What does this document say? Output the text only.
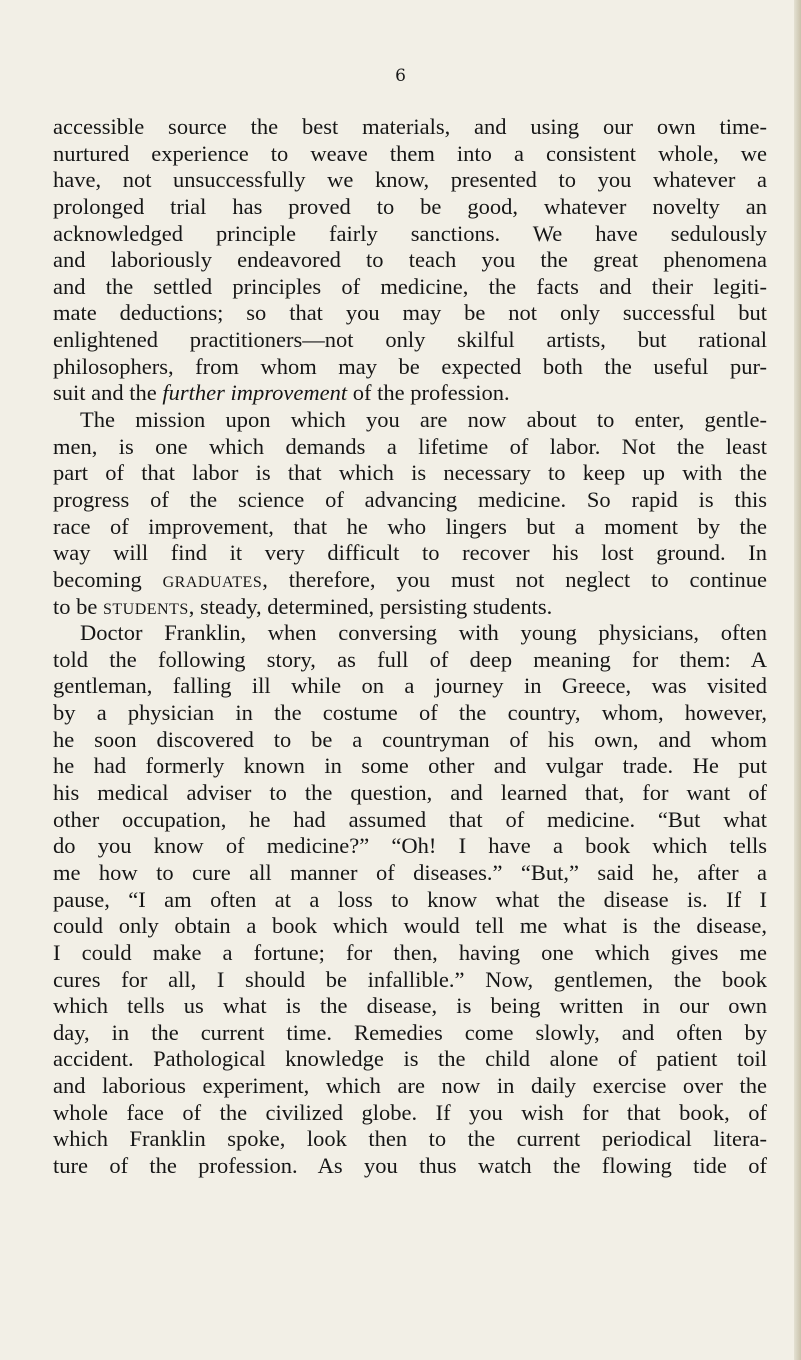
6

accessible source the best materials, and using our own time-
nurtured experience to weave them into a consistent whole, we
have, not unsuccessfully we know, presented to you whatever a
prolonged trial has proved to be good, whatever novelty an
acknowledged principle fairly sanctions. We have sedulously
and laboriously endeavored to teach you the great phenomena
and the settled principles of medicine, the facts and their legiti-
mate deductions; so that you may be not only successful but
enlightened practitioners—not only skilful artists, but rational
philosophers, from whom may be expected both the useful pur-
suit and the further improvement of the profession.

The mission upon which you are now about to enter, gentle-
men, is one which demands a lifetime of labor. Not the least
part of that labor is that which is necessary to keep up with the
progress of the science of advancing medicine. So rapid is this
race of improvement, that he who lingers but a moment by the
way will find it very difficult to recover his lost ground. In
becoming graduates, therefore, you must not neglect to continue
to be students, steady, determined, persisting students.

Doctor Franklin, when conversing with young physicians, often
told the following story, as full of deep meaning for them: A
gentleman, falling ill while on a journey in Greece, was visited
by a physician in the costume of the country, whom, however,
he soon discovered to be a countryman of his own, and whom
he had formerly known in some other and vulgar trade. He put
his medical adviser to the question, and learned that, for want of
other occupation, he had assumed that of medicine. “But what
do you know of medicine?” “Oh! I have a book which tells
me how to cure all manner of diseases.” “But,” said he, after a
pause, “I am often at a loss to know what the disease is. If I
could only obtain a book which would tell me what is the disease,
I could make a fortune; for then, having one which gives me
cures for all, I should be infallible.” Now, gentlemen, the book
which tells us what is the disease, is being written in our own
day, in the current time. Remedies come slowly, and often by
accident. Pathological knowledge is the child alone of patient toil
and laborious experiment, which are now in daily exercise over the
whole face of the civilized globe. If you wish for that book, of
which Franklin spoke, look then to the current periodical litera-
ture of the profession. As you thus watch the flowing tide of
